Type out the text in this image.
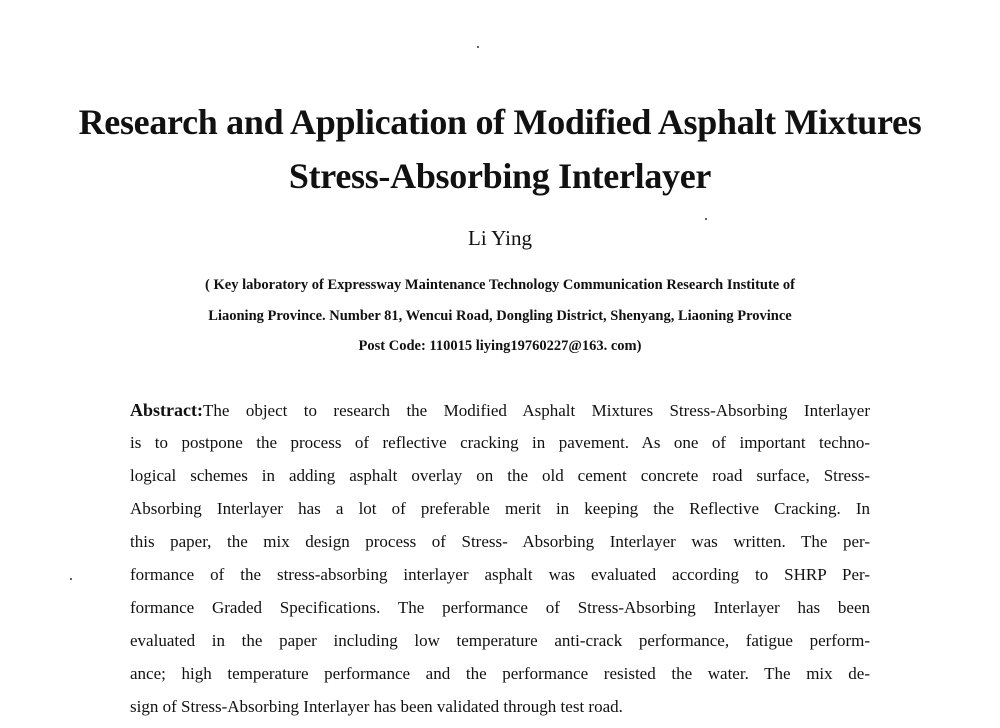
Research and Application of Modified Asphalt Mixtures
Stress-Absorbing Interlayer

Li Ying

( Key laboratory of Expressway Maintenance Technology Communication Research Institute of

Liaoning Province. Number 81, Wencui Road, Dongling District, Shenyang, Liaoning Province

Post Code: 110015 liying19760227@163. com)

Abstract:The object to research the Modified Asphalt Mixtures Stress-Absorbing Interlayer
is to postpone the process of reflective cracking in pavement. As one of important techno-
logical schemes in adding asphalt overlay on the old cement concrete road surface, Stress-
Absorbing Interlayer has a lot of preferable merit in keeping the Reflective Cracking. In
this paper, the mix design process of Stress- Absorbing Interlayer was written. The per-
formance of the stress-absorbing interlayer asphalt was evaluated according to SHRP Per-
formance Graded Specifications. The performance of Stress-Absorbing Interlayer has been
evaluated in the paper including low temperature anti-crack performance, fatigue perform-
ance; high temperature performance and the performance resisted the water. The mix de-
sign of Stress-Absorbing Interlayer has been validated through test road.
